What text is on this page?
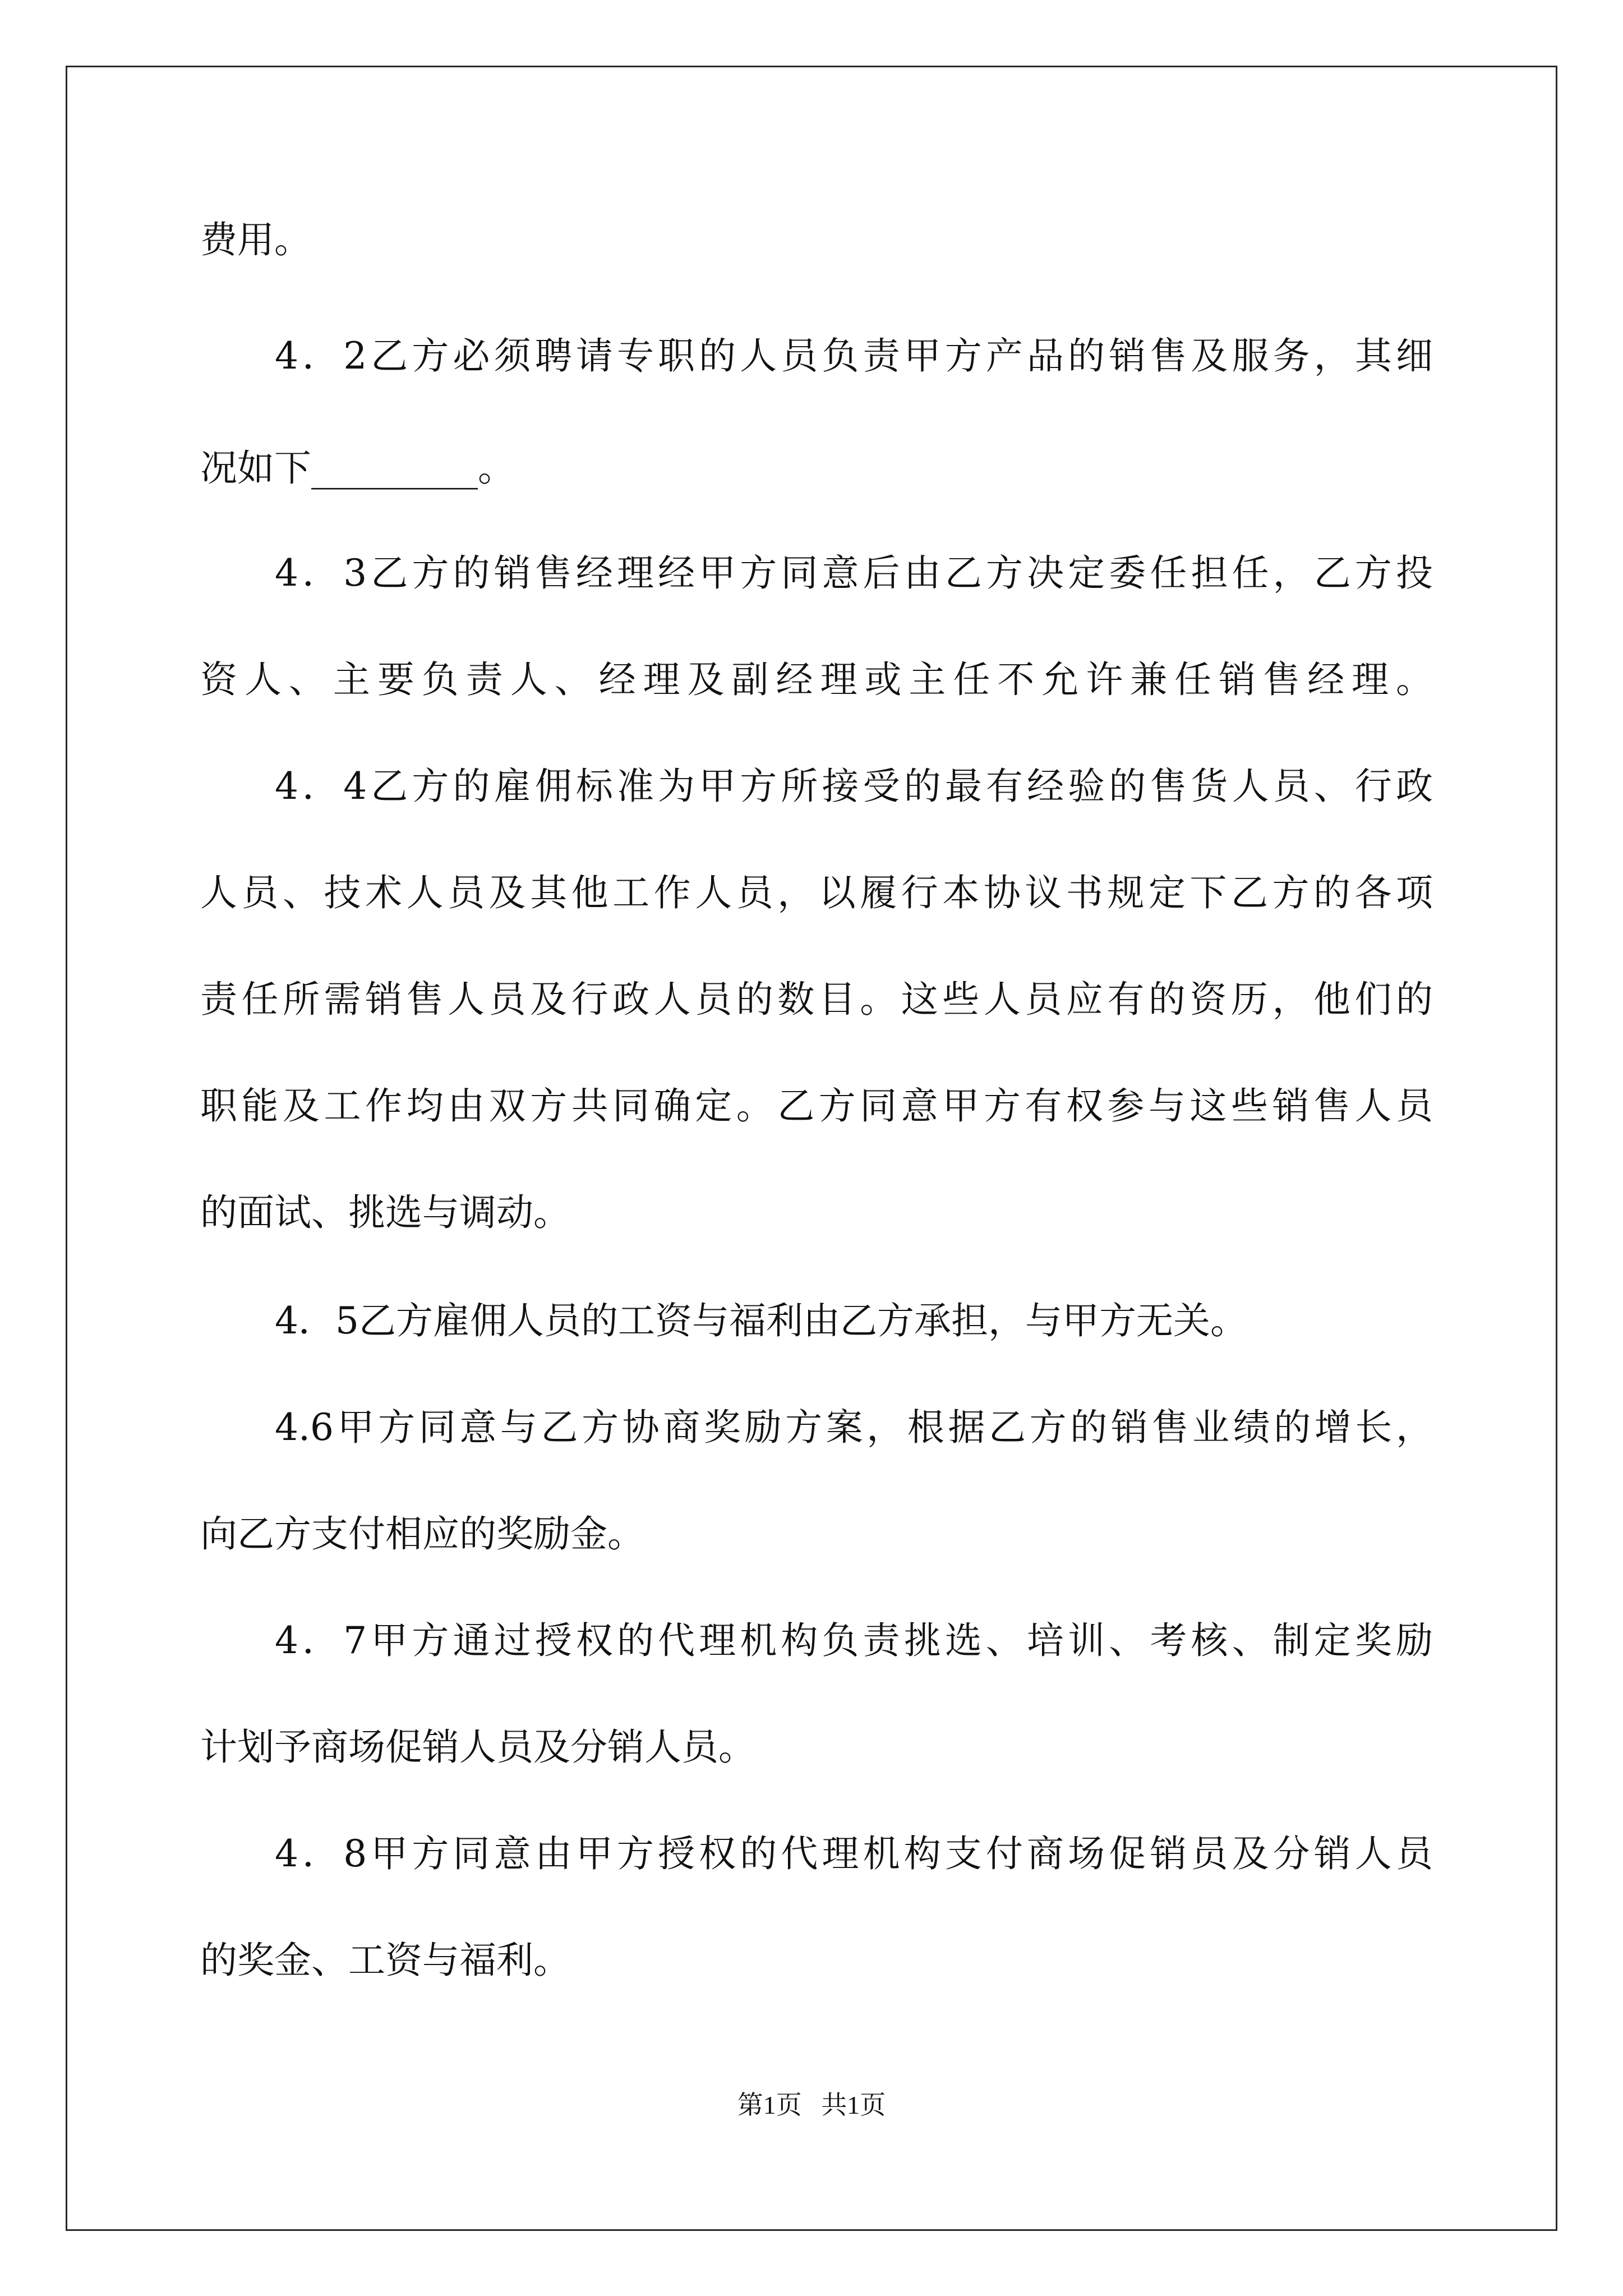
费用。
4．2乙方必须聘请专职的人员负责甲方产品的销售及服务，其细
况如下_________。
4．3乙方的销售经理经甲方同意后由乙方决定委任担任，乙方投
资人、主要负责人、经理及副经理或主任不允许兼任销售经理。
4．4乙方的雇佣标准为甲方所接受的最有经验的售货人员、行政
人员、技术人员及其他工作人员，以履行本协议书规定下乙方的各项
责任所需销售人员及行政人员的数目。这些人员应有的资历，他们的
职能及工作均由双方共同确定。乙方同意甲方有权参与这些销售人员
的面试、挑选与调动。
4．5乙方雇佣人员的工资与福利由乙方承担，与甲方无关。
4.6甲方同意与乙方协商奖励方案，根据乙方的销售业绩的增长，
向乙方支付相应的奖励金。
4．7甲方通过授权的代理机构负责挑选、培训、考核、制定奖励
计划予商场促销人员及分销人员。
4．8甲方同意由甲方授权的代理机构支付商场促销员及分销人员
的奖金、工资与福利。
第1页   共1页
